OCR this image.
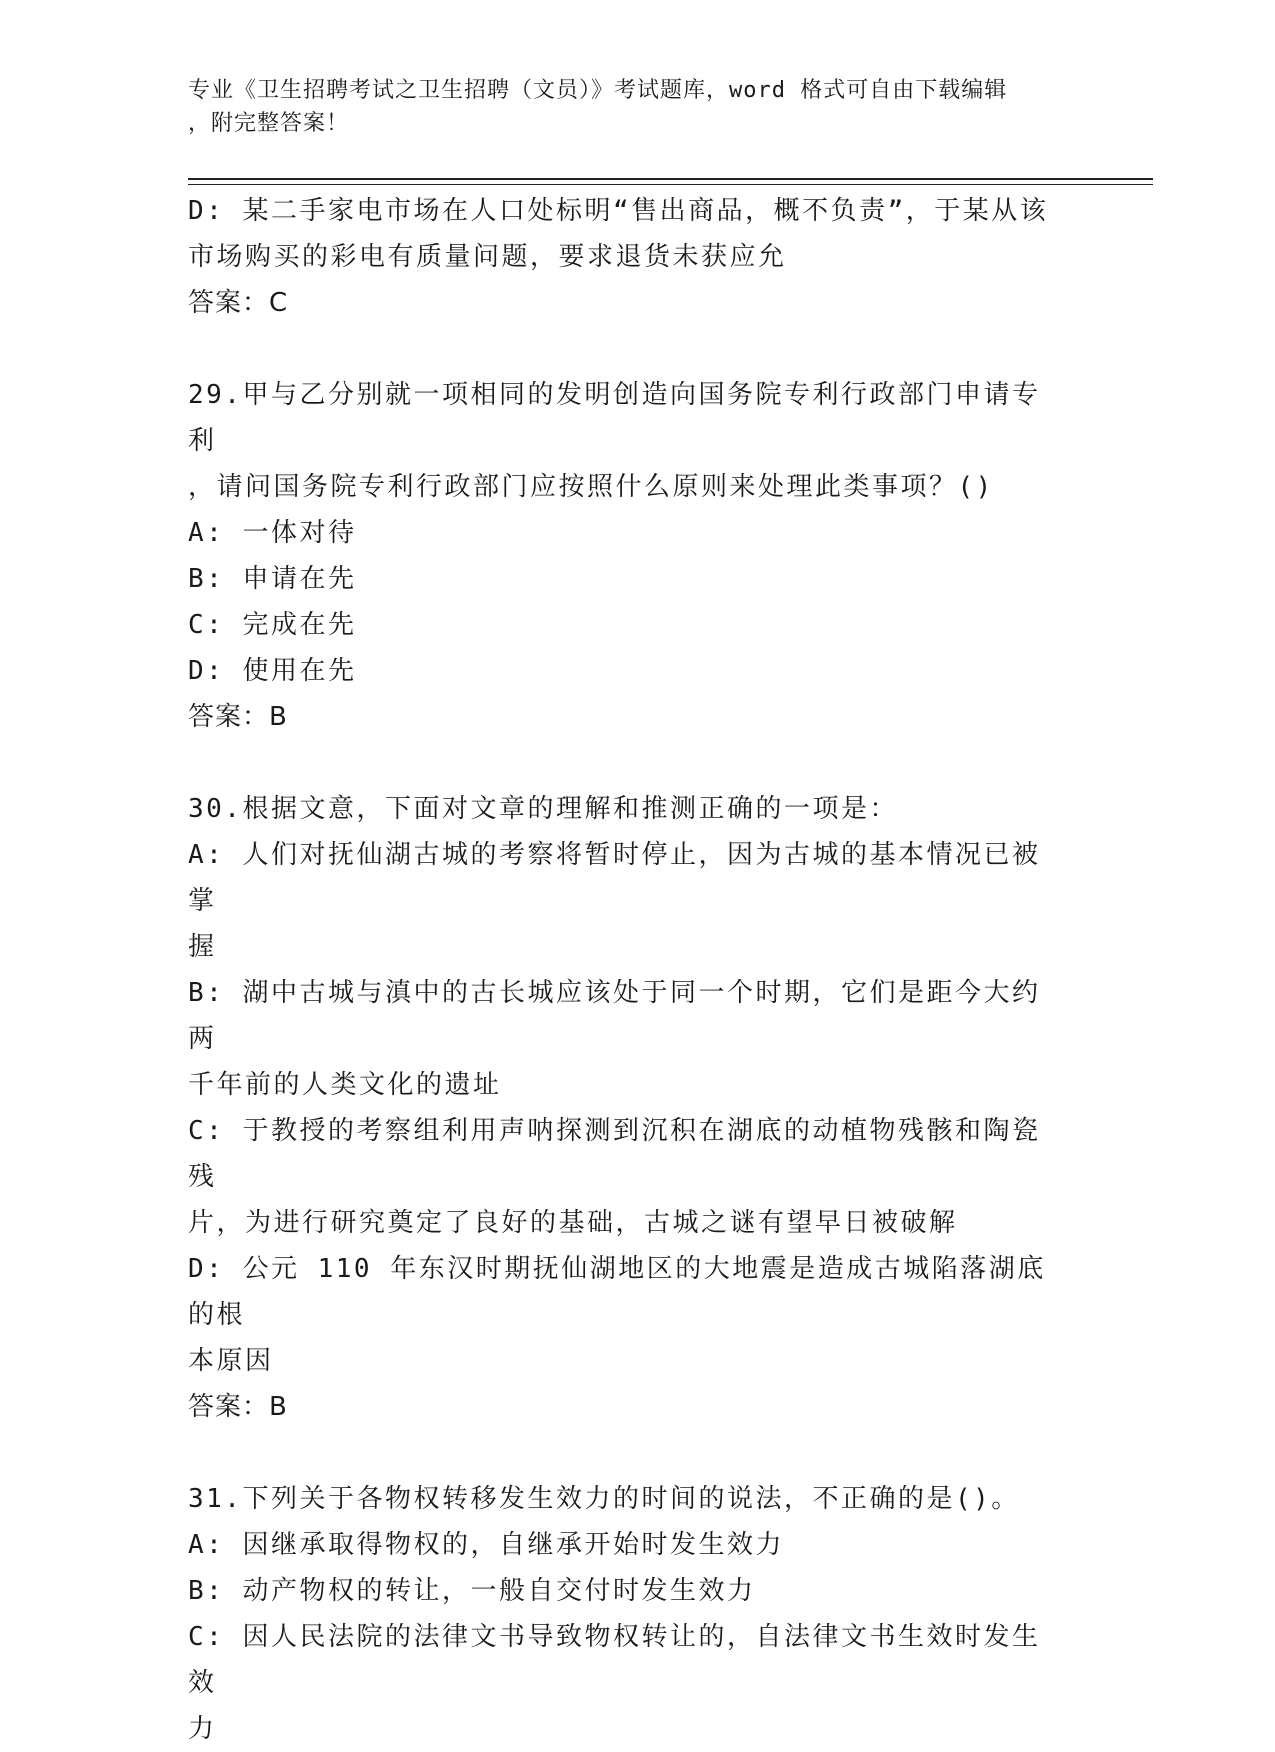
专业《卫生招聘考试之卫生招聘（文员）》考试题库，word 格式可自由下载编辑
，附完整答案！
D: 某二手家电市场在人口处标明“售出商品，概不负责”，于某从该
市场购买的彩电有质量问题，要求退货未获应允
答案：C
29.甲与乙分别就一项相同的发明创造向国务院专利行政部门申请专利
，请问国务院专利行政部门应按照什么原则来处理此类事项？()
A: 一体对待
B: 申请在先
C: 完成在先
D: 使用在先
答案：B
30.根据文意，下面对文章的理解和推测正确的一项是：
A: 人们对抚仙湖古城的考察将暂时停止，因为古城的基本情况已被掌
握
B: 湖中古城与滇中的古长城应该处于同一个时期，它们是距今大约两
千年前的人类文化的遗址
C: 于教授的考察组利用声呐探测到沉积在湖底的动植物残骸和陶瓷残
片，为进行研究奠定了良好的基础，古城之谜有望早日被破解
D: 公元 110 年东汉时期抚仙湖地区的大地震是造成古城陷落湖底的根
本原因
答案：B
31.下列关于各物权转移发生效力的时间的说法，不正确的是()。
A: 因继承取得物权的，自继承开始时发生效力
B: 动产物权的转让，一般自交付时发生效力
C: 因人民法院的法律文书导致物权转让的，自法律文书生效时发生效
力
